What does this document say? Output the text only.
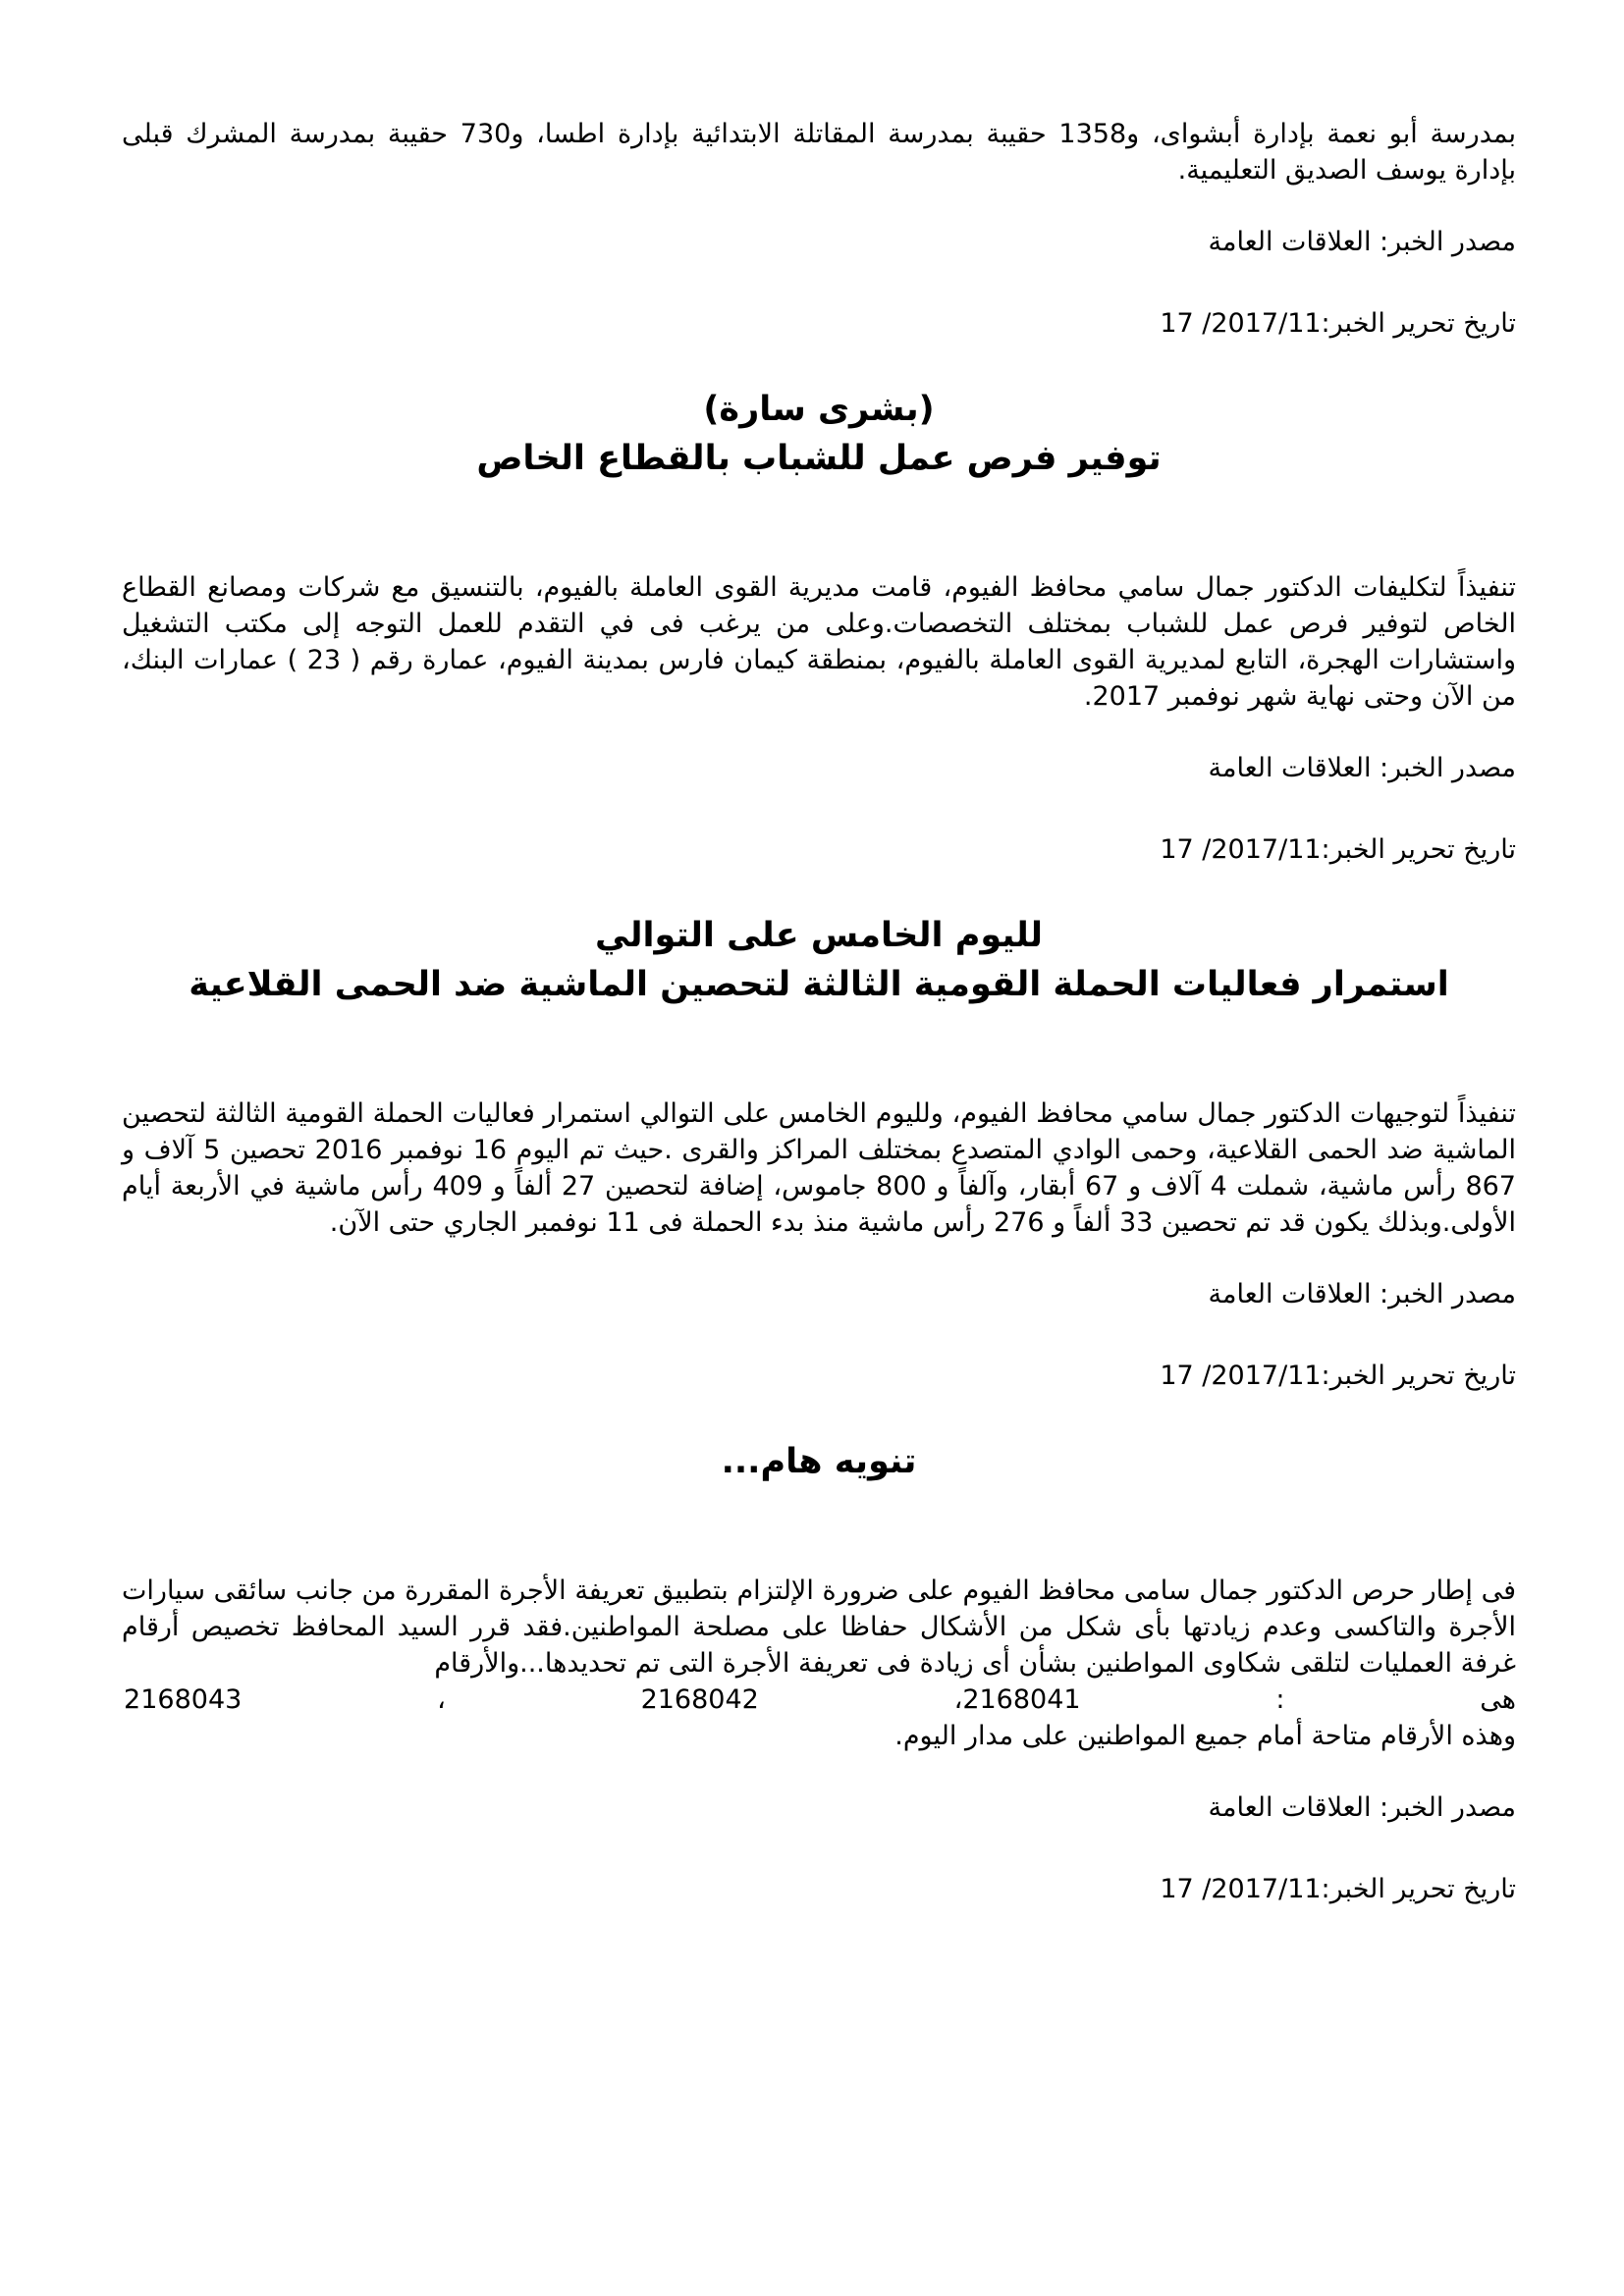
بمدرسة أبو نعمة بإدارة أبشواى، و1358 حقيبة بمدرسة المقاتلة الابتدائية بإدارة اطسا، و730 حقيبة بمدرسة المشرك قبلى بإدارة يوسف الصديق التعليمية.

مصدر الخبر: العلاقات العامة

تاريخ تحرير الخبر:17 /2017/11

(بشرى سارة)

توفير فرص عمل للشباب بالقطاع الخاص

تنفيذاً لتكليفات الدكتور جمال سامي محافظ الفيوم، قامت مديرية القوى العاملة بالفيوم، بالتنسيق مع شركات ومصانع القطاع الخاص لتوفير فرص عمل للشباب بمختلف التخصصات.وعلى من يرغب فى في التقدم للعمل التوجه إلى مكتب التشغيل واستشارات الهجرة، التابع لمديرية القوى العاملة بالفيوم، بمنطقة كيمان فارس بمدينة الفيوم، عمارة رقم ( 23 ) عمارات البنك، من الآن وحتى نهاية شهر نوفمبر 2017.

مصدر الخبر: العلاقات العامة

تاريخ تحرير الخبر:17 /2017/11

لليوم الخامس على التوالي

استمرار فعاليات الحملة القومية الثالثة لتحصين الماشية ضد الحمى القلاعية

تنفيذاً لتوجيهات الدكتور جمال سامي محافظ الفيوم، ولليوم الخامس على التوالي استمرار فعاليات الحملة القومية الثالثة لتحصين الماشية ضد الحمى القلاعية، وحمى الوادي المتصدع بمختلف المراكز والقرى .حيث تم اليوم 16 نوفمبر 2016 تحصين 5 آلاف و 867 رأس ماشية، شملت 4 آلاف و 67 أبقار، وآلفاً و 800 جاموس، إضافة لتحصين 27 ألفاً و 409 رأس ماشية في الأربعة أيام الأولى.وبذلك يكون قد تم تحصين 33 ألفاً و 276 رأس ماشية منذ بدء الحملة فى 11 نوفمبر الجاري حتى الآن.

مصدر الخبر: العلاقات العامة

تاريخ تحرير الخبر:17 /2017/11

تنويه هام...

فى إطار حرص الدكتور جمال سامى محافظ الفيوم على ضرورة الإلتزام بتطبيق تعريفة الأجرة المقررة من جانب سائقى سيارات الأجرة والتاكسى وعدم زيادتها بأى شكل من الأشكال حفاظا على مصلحة المواطنين.فقد قرر السيد المحافظ تخصيص أرقام غرفة العمليات لتلقى شكاوى المواطنين بشأن أى زيادة فى تعريفة الأجرة التى تم تحديدها...والأرقام

هى
:
2168041،
2168042
،
2168043

وهذه الأرقام متاحة أمام جميع المواطنين على مدار اليوم.

مصدر الخبر: العلاقات العامة

تاريخ تحرير الخبر:17 /2017/11
